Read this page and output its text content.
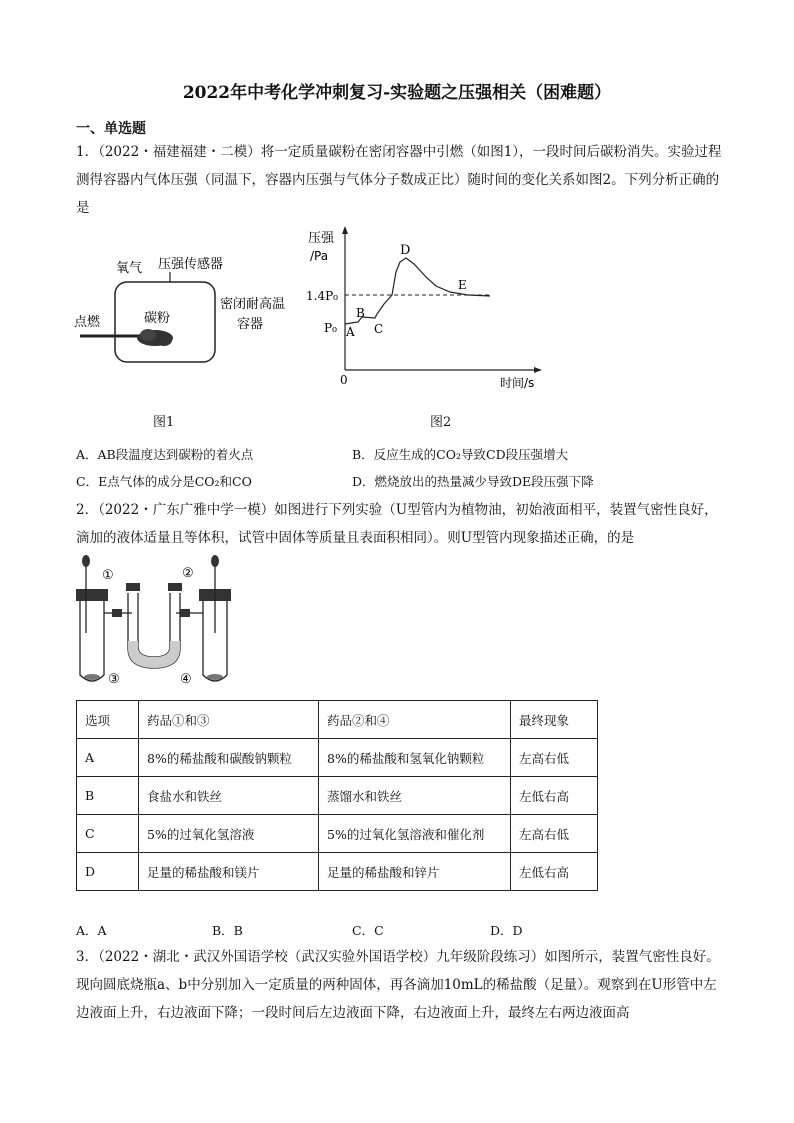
2022年中考化学冲刺复习-实验题之压强相关（困难题）
一、单选题
1．（2022・福建福建・二模）将一定质量碳粉在密闭容器中引燃（如图1），一段时间后碳粉消失。实验过程测得容器内气体压强（同温下，容器内压强与气体分子数成正比）随时间的变化关系如图2。下列分析正确的是
氧气 压强传感器
点燃	碳粉
密闭耐高温
容器
压强
/Pa
1.4P₀
P₀
0	时间/s
A
B
C
D
E
图1	图2
A．AB段温度达到碳粉的着火点	B．反应生成的CO₂导致CD段压强增大
C．E点气体的成分是CO₂和CO	D．燃烧放出的热量减少导致DE段压强下降
2．（2022・广东广雅中学一模）如图进行下列实验（U型管内为植物油，初始液面相平，装置气密性良好，滴加的液体适量且等体积，试管中固体等质量且表面积相同）。则U型管内现象描述正确，的是
①	②
③	④
选项	药品①和③	药品②和④	最终现象
A	8%的稀盐酸和碳酸钠颗粒	8%的稀盐酸和氢氧化钠颗粒	左高右低
B	食盐水和铁丝	蒸馏水和铁丝	左低右高
C	5%的过氧化氢溶液	5%的过氧化氢溶液和催化剂	左高右低
D	足量的稀盐酸和镁片	足量的稀盐酸和锌片	左低右高
A．A	B．B	C．C	D．D
3．（2022・湖北・武汉外国语学校（武汉实验外国语学校）九年级阶段练习）如图所示，装置气密性良好。现向圆底烧瓶a、b中分别加入一定质量的两种固体，再各滴加10mL的稀盐酸（足量）。观察到在U形管中左边液面上升，右边液面下降；一段时间后左边液面下降，右边液面上升，最终左右两边液面高
